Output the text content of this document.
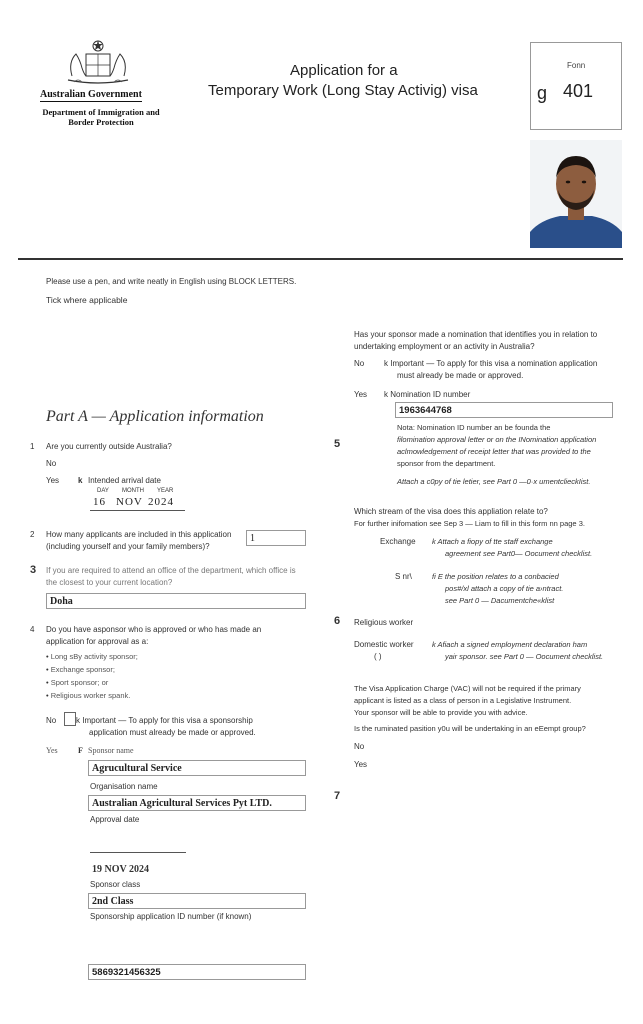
Australian Government
Department of Immigration and Border Protection
Application for a
Temporary Work (Long Stay Activig) visa
Fonn
g 401
Please use a pen, and write neatly in English using BLOCK LETTERS.
Tick where applicable
Part A — Application information
1 Are you currently outside Australia?
No
Yes k Intended arrival date
DAY MONTH YEAR
16 NOV 2024
2 How many applicants are included in this application
(including yourself and your family members)?
1
3 If you are required to attend an office of the department, which office is
the closest to your current location?
Doha
4 Do you have asponsor who is approved or who has made an
application for approval as a:
• Long sBy activity sponsor;
• Exchange sponsor;
• Sport sponsor; or
• Religious worker spank.
No k Important — To apply for this visa a sponsorship
application must already be made or approved.
Yes	F Sponsor name
Agrucultural Service
Organisation name
Australian Agricultural Services Pyt LTD.
Approval date
19 NOV 2024
Sponsor class
2nd Class
Sponsorship application ID number (if known)
5869321456325
Has your sponsor made a nomination that identifies you in relation to
undertaking employment or an activity in Australia?
No k Important — To apply for this visa a nomination application
must already be made or approved.
Yes k Nomination ID number
1963644768
5
Nota: Nomination ID number an be founda the
filomination approval letter or on the INomination application
aclmowledgement of receipt letter that was provided to the
sponsor from the department.
Attach a c0py of tie letier, see Part 0 —0·x umentclieckIist.
Which stream of the visa does this appliation relate to?
For further inifomation see Sep 3 — Liam to fill in this form nn page 3.
Exchange k Attach a fiopy of tte staff exchange
agreement see Part0— Oocument checklist.
S nr\	fi E the position relates to a conbacied
pos#/xl attach a copy of tie a›ntract.
see Part 0 — Dacumentche«klist
6 Religious worker
Domestic worker
( )
k Afiach a signed employment declaration ham
yair sponsor. see Part 0 — Oocument checklist.
The Visa Application Charge (VAC) will not be required if the primary
applicant is listed as a class of person in a Legislative Instrument.
Your sponsor will be able to provide you with advice.
Is the ruminated pasition y0u will be undertaking in an eEempt group?
No
Yes
7
